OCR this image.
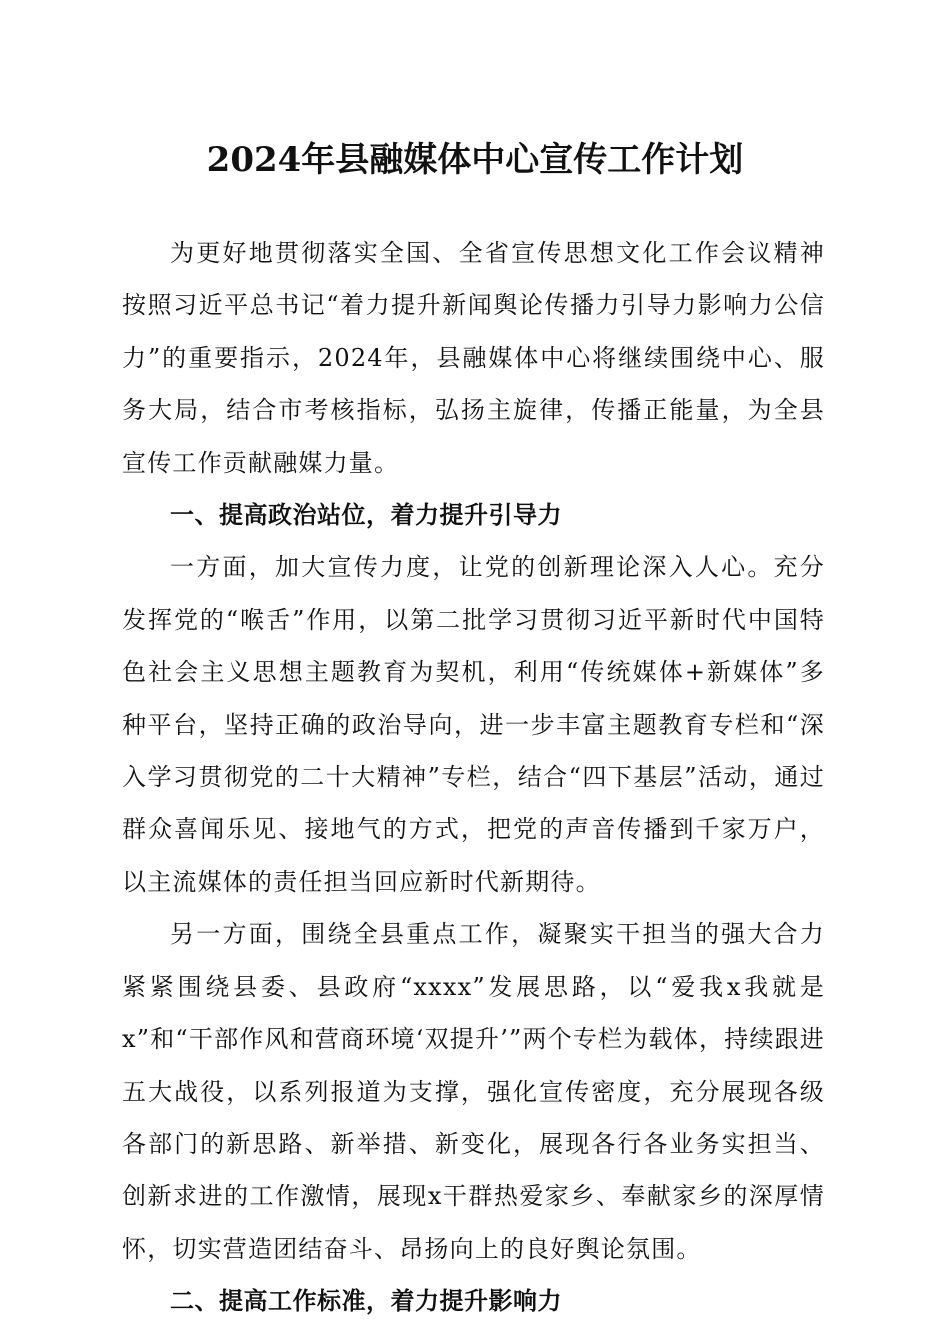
2024年县融媒体中心宣传工作计划

为更好地贯彻落实全国、全省宣传思想文化工作会议精神按照习近平总书记“着力提升新闻舆论传播力引导力影响力公信力”的重要指示，2024年，县融媒体中心将继续围绕中心、服务大局，结合市考核指标，弘扬主旋律，传播正能量，为全县宣传工作贡献融媒力量。

一、提高政治站位，着力提升引导力

一方面，加大宣传力度，让党的创新理论深入人心。充分发挥党的“喉舌”作用，以第二批学习贯彻习近平新时代中国特色社会主义思想主题教育为契机，利用“传统媒体+新媒体”多种平台，坚持正确的政治导向，进一步丰富主题教育专栏和“深入学习贯彻党的二十大精神”专栏，结合“四下基层”活动，通过群众喜闻乐见、接地气的方式，把党的声音传播到千家万户，以主流媒体的责任担当回应新时代新期待。

另一方面，围绕全县重点工作，凝聚实干担当的强大合力紧紧围绕县委、县政府“xxxx”发展思路，以“爱我x我就是x”和“干部作风和营商环境‘双提升’”两个专栏为载体，持续跟进五大战役，以系列报道为支撑，强化宣传密度，充分展现各级各部门的新思路、新举措、新变化，展现各行各业务实担当、创新求进的工作激情，展现x干群热爱家乡、奉献家乡的深厚情怀，切实营造团结奋斗、昂扬向上的良好舆论氛围。

二、提高工作标准，着力提升影响力
